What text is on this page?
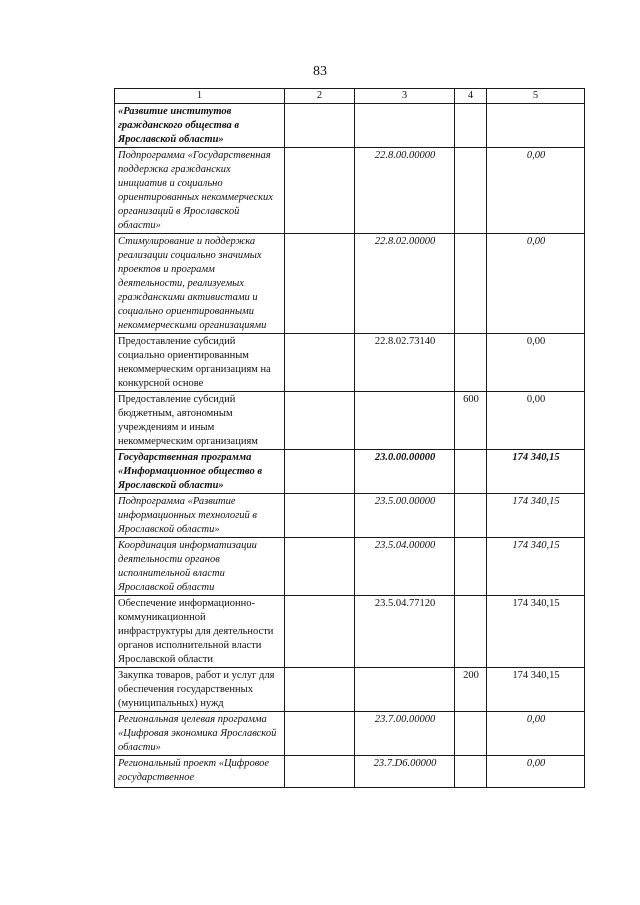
83
1	2	3	4	5
«Развитие институтов гражданского общества в Ярославской области»				
Подпрограмма «Государственная поддержка гражданских инициатив и социально ориентированных некоммерческих организаций в Ярославской области»		22.8.00.00000		0,00
Стимулирование и поддержка реализации социально значимых проектов и программ деятельности, реализуемых гражданскими активистами и социально ориентированными некоммерческими организациями		22.8.02.00000		0,00
Предоставление субсидий социально ориентированным некоммерческим организациям на конкурсной основе		22.8.02.73140		0,00
Предоставление субсидий бюджетным, автономным учреждениям и иным некоммерческим организациям			600	0,00
Государственная программа «Информационное общество в Ярославской области»		23.0.00.00000		174 340,15
Подпрограмма «Развитие информационных технологий в Ярославской области»		23.5.00.00000		174 340,15
Координация информатизации деятельности органов исполнительной власти Ярославской области		23.5.04.00000		174 340,15
Обеспечение информационно-коммуникационной инфраструктуры для деятельности органов исполнительной власти Ярославской области		23.5.04.77120		174 340,15
Закупка товаров, работ и услуг для обеспечения государственных (муниципальных) нужд			200	174 340,15
Региональная целевая программа «Цифровая экономика Ярославской области»		23.7.00.00000		0,00
Региональный проект «Цифровое государственное		23.7.D6.00000		0,00
